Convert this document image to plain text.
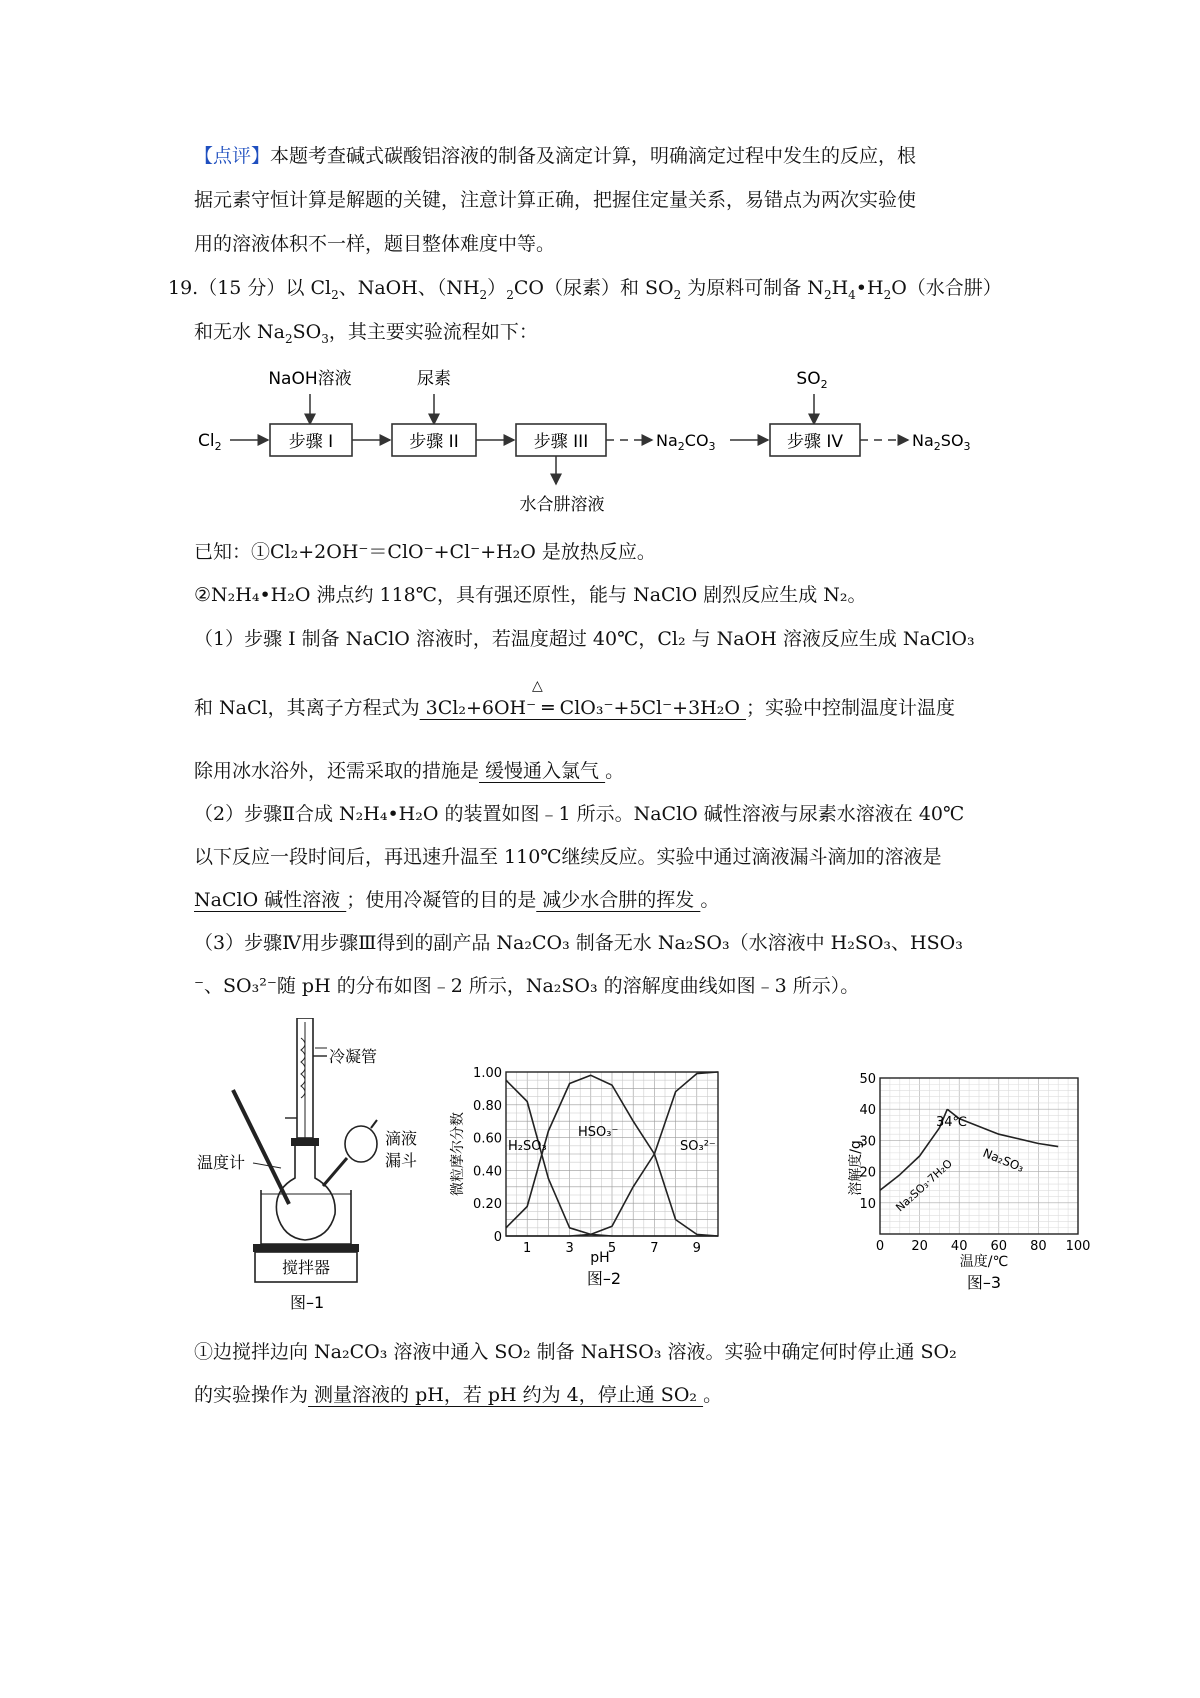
【点评】本题考查碱式碳酸铝溶液的制备及滴定计算，明确滴定过程中发生的反应，根
据元素守恒计算是解题的关键，注意计算正确，把握住定量关系，易错点为两次实验使
用的溶液体积不一样，题目整体难度中等。
19.（15 分）以 $Cl_2$、NaOH、$(NH_2)_2CO$（尿素）和 $SO_2$ 为原料可制备 $N_2H_4•H_2O$（水合肼）
和无水 $Na_2SO_3$，其主要实验流程如下：
NaOH溶液	尿素	$SO_2$
$Cl_2$	步骤 I	步骤 II	步骤 III
水合肼溶液
$Na_2CO_3$	步骤 IV	$Na_2SO_3$
已知：①Cl₂+2OH⁻＝ClO⁻+Cl⁻+H₂O 是放热反应。
②N₂H₄•H₂O 沸点约 118℃，具有强还原性，能与 NaClO 剧烈反应生成 N₂。
（1）步骤 I 制备 NaClO 溶液时，若温度超过 40℃，Cl₂ 与 NaOH 溶液反应生成 NaClO₃
△
和 NaCl，其离子方程式为 3Cl₂+6OH⁻ ═ ClO₃⁻+5Cl⁻+3H₂O ；实验中控制温度计温度
除用冰水浴外，还需采取的措施是 缓慢通入氯气 。
（2）步骤Ⅱ合成 N₂H₄•H₂O 的装置如图﹣1 所示。NaClO 碱性溶液与尿素水溶液在 40℃
以下反应一段时间后，再迅速升温至 110℃继续反应。实验中通过滴液漏斗滴加的溶液是
NaClO 碱性溶液 ；使用冷凝管的目的是 减少水合肼的挥发 。
（3）步骤Ⅳ用步骤Ⅲ得到的副产品 Na₂CO₃ 制备无水 Na₂SO₃（水溶液中 H₂SO₃、HSO₃
⁻、SO₃²⁻随 pH 的分布如图﹣2 所示，Na₂SO₃ 的溶解度曲线如图﹣3 所示）。
冷凝管
温度计
滴液
漏斗
搅拌器
图–1
1.00
0.80
0.60
0.40
0.20
0
1	3	5	7	9
微粒摩尔分数
pH
H₂SO₃
HSO₃⁻
SO₃²⁻
图–2
50
40
30
20
10
0 20 40 60 80 100
溶解度/g
温度/℃
34℃
Na₂SO₃·7H₂O Na₂SO₃
图–3
①边搅拌边向 Na₂CO₃ 溶液中通入 SO₂ 制备 NaHSO₃ 溶液。实验中确定何时停止通 SO₂
的实验操作为 测量溶液的 pH，若 pH 约为 4，停止通 SO₂ 。
